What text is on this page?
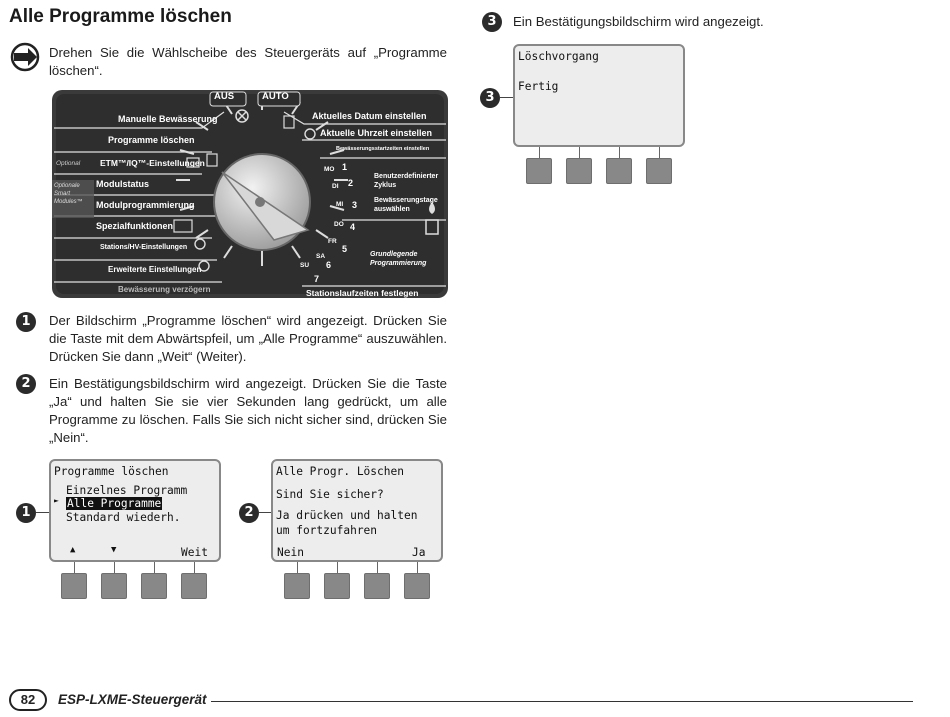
Alle Programme löschen
Drehen Sie die Wählscheibe des Steuergeräts auf „Programme löschen“.
AUS	AUTO
Manuelle Bewässerung
Programme löschen
Optional ETM™/IQ™-Einstellungen
Optionale Smart Modules™
Modulstatus
Modulprogrammierung
Spezialfunktionen
Stations/HV-Einstellungen
Erweiterte Einstellungen
Bewässerung verzögern
Aktuelles Datum einstellen
Aktuelle Uhrzeit einstellen
Bewässerungsstartzeiten einstellen
Benutzerdefinierter Zyklus
Bewässerungstage auswählen
Grundlegende Programmierung
Stationslaufzeiten festlegen
MO 1
DI 2
MI 3
DO 4
FR
5
SA
SU 6
7
1	Der Bildschirm „Programme löschen“ wird angezeigt. Drücken Sie die Taste mit dem Abwärtspfeil, um „Alle Programme“ auszuwählen. Drücken Sie dann „Weit“ (Weiter).
2	Ein Bestätigungsbildschirm wird angezeigt. Drücken Sie die Taste „Ja“ und halten Sie sie vier Sekunden lang gedrückt, um alle Programme zu löschen. Falls Sie sich nicht sicher sind, drücken Sie „Nein“.
1
Programme löschen
Einzelnes Programm
► Alle Programme
Standard wiederh.
▲	▼	Weit
2
Alle Progr. Löschen
Sind Sie sicher?
Ja drücken und halten
um fortzufahren
Nein	Ja
3	Ein Bestätigungsbildschirm wird angezeigt.
3
Löschvorgang
Fertig
82	ESP-LXME-Steuergerät
